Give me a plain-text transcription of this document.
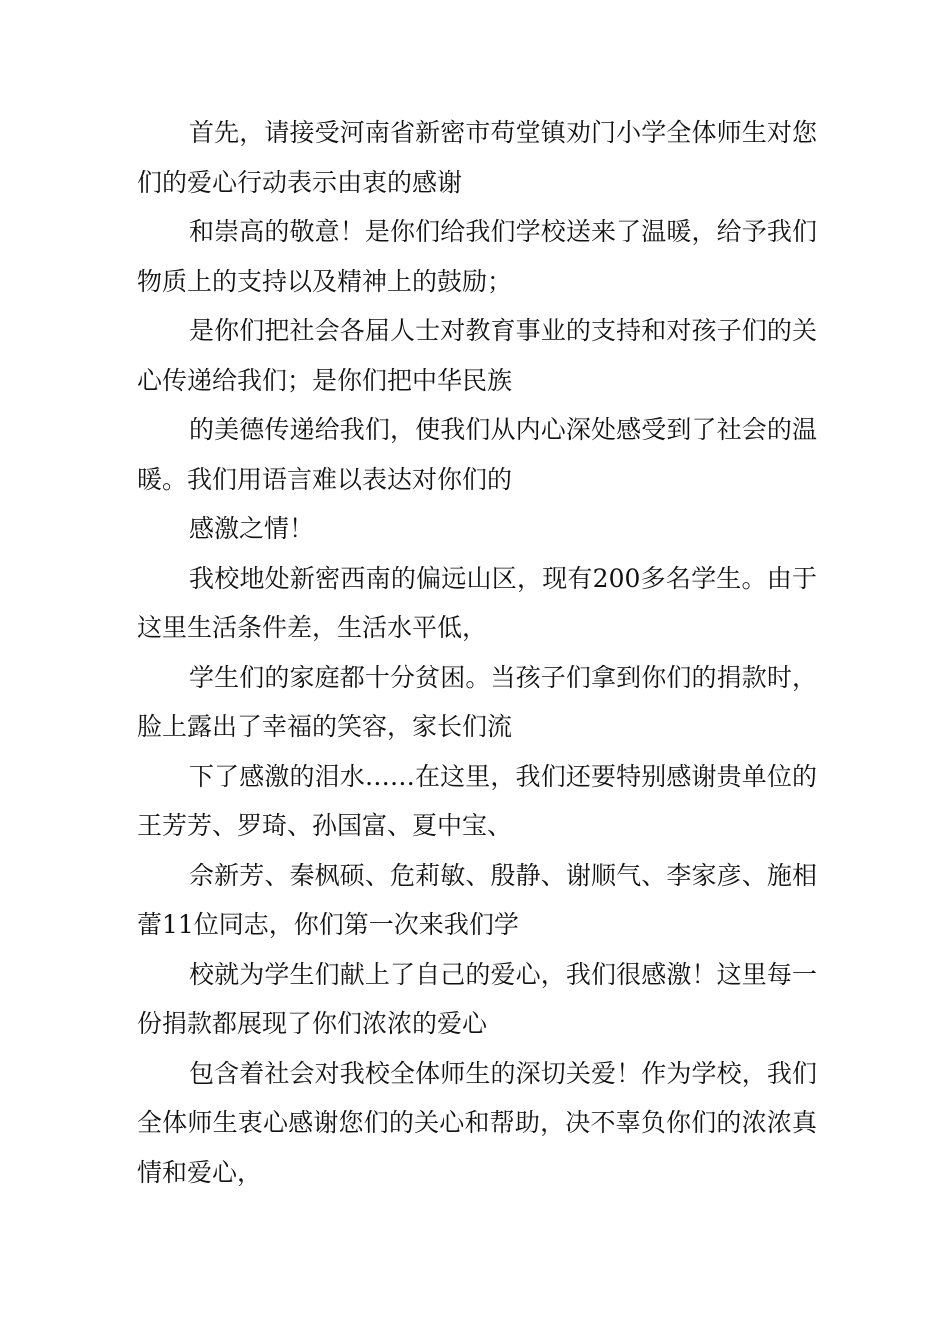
首先，请接受河南省新密市苟堂镇劝门小学全体师生对您们的爱心行动表示由衷的感谢

和崇高的敬意！是你们给我们学校送来了温暖，给予我们物质上的支持以及精神上的鼓励；

是你们把社会各届人士对教育事业的支持和对孩子们的关心传递给我们；是你们把中华民族

的美德传递给我们，使我们从内心深处感受到了社会的温暖。我们用语言难以表达对你们的

感激之情！

我校地处新密西南的偏远山区，现有200多名学生。由于这里生活条件差，生活水平低，

学生们的家庭都十分贫困。当孩子们拿到你们的捐款时，脸上露出了幸福的笑容，家长们流

下了感激的泪水……在这里，我们还要特别感谢贵单位的王芳芳、罗琦、孙国富、夏中宝、

佘新芳、秦枫硕、危莉敏、殷静、谢顺气、李家彦、施相蕾11位同志，你们第一次来我们学

校就为学生们献上了自己的爱心，我们很感激！这里每一份捐款都展现了你们浓浓的爱心

包含着社会对我校全体师生的深切关爱！作为学校，我们全体师生衷心感谢您们的关心和帮助，决不辜负你们的浓浓真情和爱心，
